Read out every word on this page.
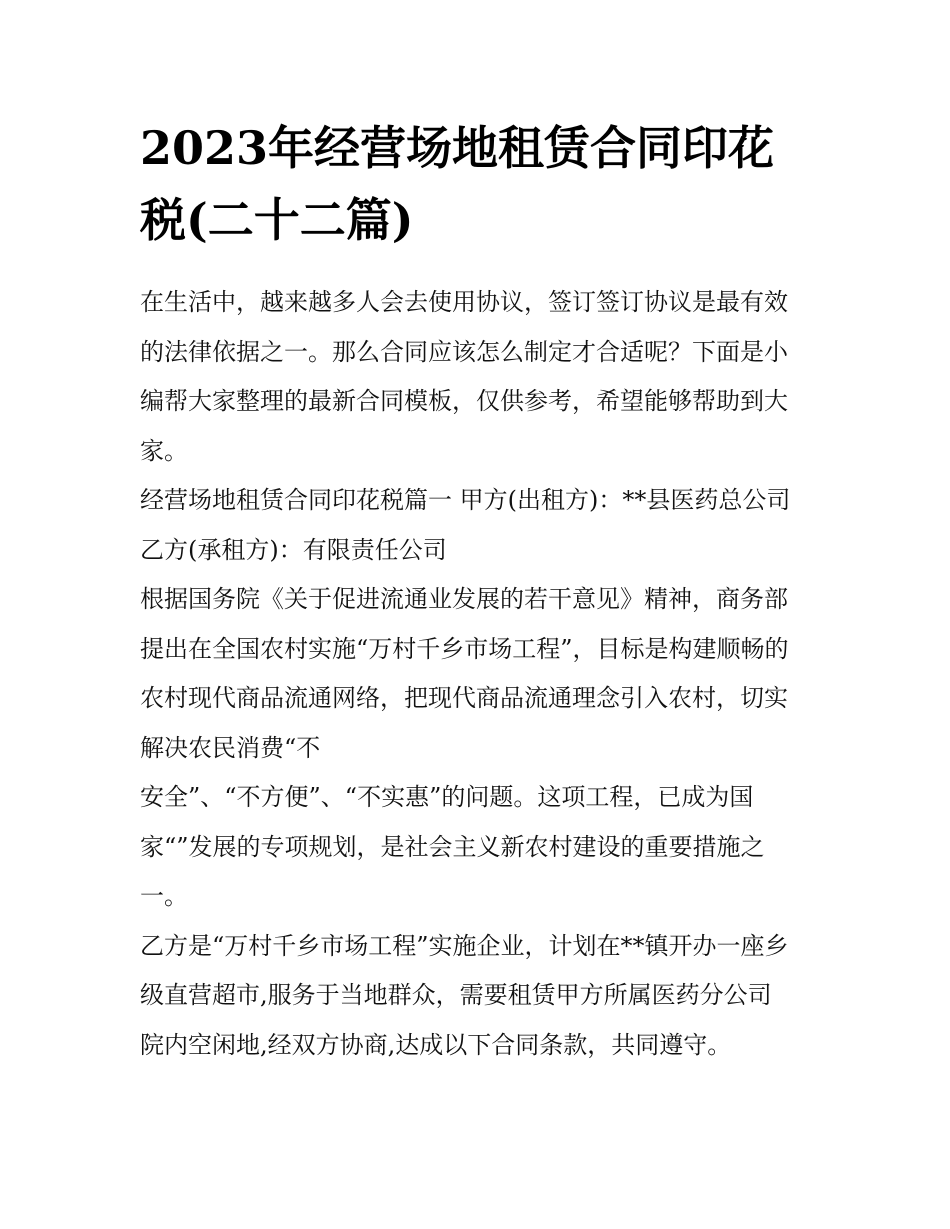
2023年经营场地租赁合同印花
税(二十二篇)
在生活中，越来越多人会去使用协议，签订签订协议是最有效
的法律依据之一。那么合同应该怎么制定才合适呢？下面是小
编帮大家整理的最新合同模板，仅供参考，希望能够帮助到大
家。
经营场地租赁合同印花税篇一 甲方(出租方)：**县医药总公司
乙方(承租方)：有限责任公司
根据国务院《关于促进流通业发展的若干意见》精神，商务部
提出在全国农村实施“万村千乡市场工程”，目标是构建顺畅的
农村现代商品流通网络，把现代商品流通理念引入农村，切实
解决农民消费“不
安全”、“不方便”、“不实惠”的问题。这项工程，已成为国
家“”发展的专项规划，是社会主义新农村建设的重要措施之
一。
乙方是“万村千乡市场工程”实施企业，计划在**镇开办一座乡
级直营超市,服务于当地群众，需要租赁甲方所属医药分公司
院内空闲地,经双方协商,达成以下合同条款，共同遵守。
